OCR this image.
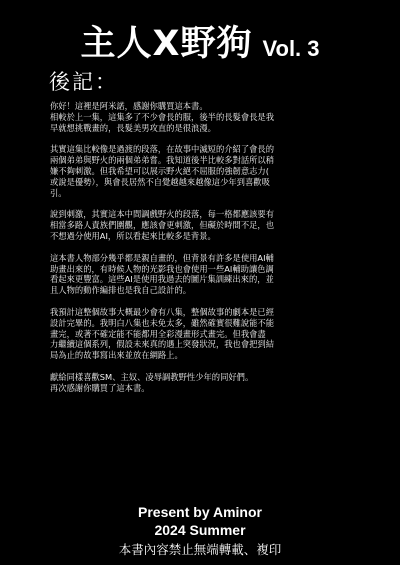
主人X野狗 Vol. 3
後記：
你好！這裡是阿米諾，感謝你購買這本書。
相較於上一集，這集多了不少會長的服，後半的長髮會長是我
早就想挑戰畫的，長髮美男攻直的是很浪漫。
其實這集比較像是過渡的段落，在故事中滅短的介紹了會長的
兩個弟弟與野火的兩個弟弟嘗。我知道後半比較多對話所以稍
嫌不夠刺激。但我希望可以展示野火絕不屈服的強韌意志力(
或說是優勢），與會長居然不自覺越越來越像這少年到喜歡吸
引。
說到刺激，其實這本中間調戲野火的段落，每一格都應該要有
相當多路人責族們圍觀，應該會更刺激，但礙於時間不足，也
不想過分使用AI，所以看起來比較多是背景。
這本書人物部分幾乎都是親自畫的，但背景有許多是使用AI輔
助畫出來的，有時候人物的光影我也會使用一些AI輔助讓色調
看起來更豐富。這些AI是使用我過去的圖片集訓練出來的，並
且人物的動作編排也是我自己設計的。
我預計這整個故事大概最少會有八集，整個故事的劇本是已經
設計完畢的。我明白八集也未免太多，雖然確實很難說能不能
畫完，或著不確定能不能都用全彩漫畫形式畫完。但我會盡
力繼續這個系列，假設未來真的遇上突發狀況，我也會把到結
局為止的故事寫出來並放在網路上。
獻給同樣喜歡SM、主奴、凌辱調教野性少年的同好們。
再次感謝你購買了這本書。
Present by Aminor
2024 Summer
本書內容禁止無端轉載、複印
